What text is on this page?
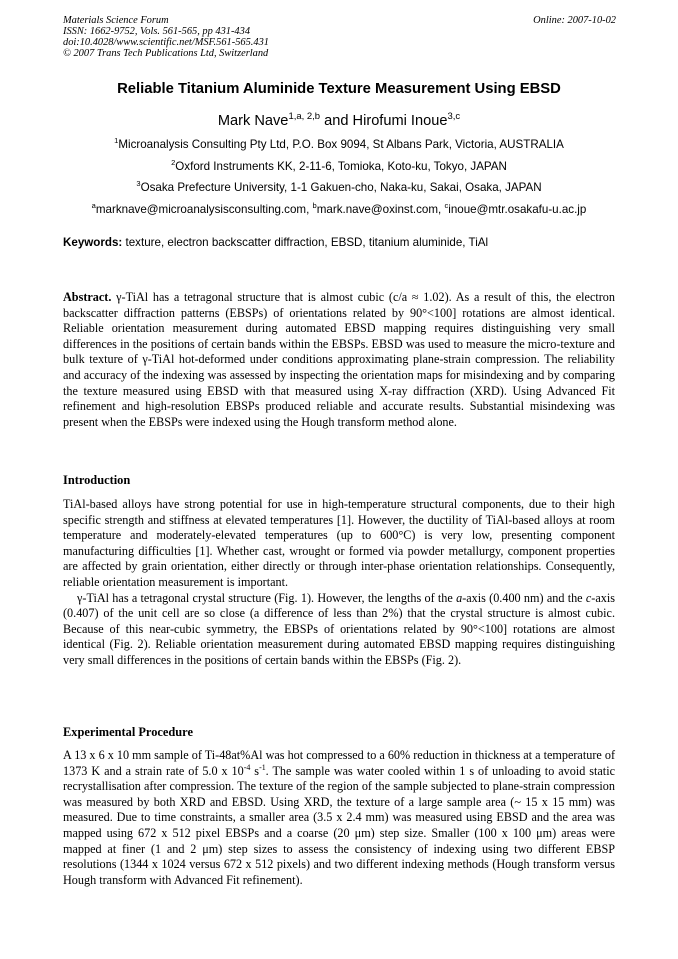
Materials Science Forum
ISSN: 1662-9752, Vols. 561-565, pp 431-434
doi:10.4028/www.scientific.net/MSF.561-565.431
© 2007 Trans Tech Publications Ltd, Switzerland
Online: 2007-10-02
Reliable Titanium Aluminide Texture Measurement Using EBSD
Mark Nave$^{1,a, 2,b}$ and Hirofumi Inoue$^{3,c}$
$^1$Microanalysis Consulting Pty Ltd, P.O. Box 9094, St Albans Park, Victoria, AUSTRALIA
$^2$Oxford Instruments KK, 2-11-6, Tomioka, Koto-ku, Tokyo, JAPAN
$^3$Osaka Prefecture University, 1-1 Gakuen-cho, Naka-ku, Sakai, Osaka, JAPAN
$^a$marknave@microanalysisconsulting.com, $^b$mark.nave@oxinst.com, $^c$inoue@mtr.osakafu-u.ac.jp
Keywords: texture, electron backscatter diffraction, EBSD, titanium aluminide, TiAl
Abstract. γ-TiAl has a tetragonal structure that is almost cubic (c/a ≈ 1.02). As a result of this, the electron backscatter diffraction patterns (EBSPs) of orientations related by 90°<100] rotations are almost identical. Reliable orientation measurement during automated EBSD mapping requires distinguishing very small differences in the positions of certain bands within the EBSPs. EBSD was used to measure the micro-texture and bulk texture of γ-TiAl hot-deformed under conditions approximating plane-strain compression. The reliability and accuracy of the indexing was assessed by inspecting the orientation maps for misindexing and by comparing the texture measured using EBSD with that measured using X-ray diffraction (XRD). Using Advanced Fit refinement and high-resolution EBSPs produced reliable and accurate results. Substantial misindexing was present when the EBSPs were indexed using the Hough transform method alone.
Introduction
TiAl-based alloys have strong potential for use in high-temperature structural components, due to their high specific strength and stiffness at elevated temperatures [1]. However, the ductility of TiAl-based alloys at room temperature and moderately-elevated temperatures (up to 600°C) is very low, presenting component manufacturing difficulties [1]. Whether cast, wrought or formed via powder metallurgy, component properties are affected by grain orientation, either directly or through inter-phase orientation relationships. Consequently, reliable orientation measurement is important.
γ-TiAl has a tetragonal crystal structure (Fig. 1). However, the lengths of the a-axis (0.400 nm) and the c-axis (0.407) of the unit cell are so close (a difference of less than 2%) that the crystal structure is almost cubic. Because of this near-cubic symmetry, the EBSPs of orientations related by 90°<100] rotations are almost identical (Fig. 2). Reliable orientation measurement during automated EBSD mapping requires distinguishing very small differences in the positions of certain bands within the EBSPs (Fig. 2).
Experimental Procedure
A 13 x 6 x 10 mm sample of Ti-48at%Al was hot compressed to a 60% reduction in thickness at a temperature of 1373 K and a strain rate of 5.0 x $10^{-4}$ $s^{-1}$. The sample was water cooled within 1 s of unloading to avoid static recrystallisation after compression. The texture of the region of the sample subjected to plane-strain compression was measured by both XRD and EBSD. Using XRD, the texture of a large sample area (~ 15 x 15 mm) was measured. Due to time constraints, a smaller area (3.5 x 2.4 mm) was measured using EBSD and the area was mapped using 672 x 512 pixel EBSPs and a coarse (20 μm) step size. Smaller (100 x 100 μm) areas were mapped at finer (1 and 2 μm) step sizes to assess the consistency of indexing using two different EBSP resolutions (1344 x 1024 versus 672 x 512 pixels) and two different indexing methods (Hough transform versus Hough transform with Advanced Fit refinement).
